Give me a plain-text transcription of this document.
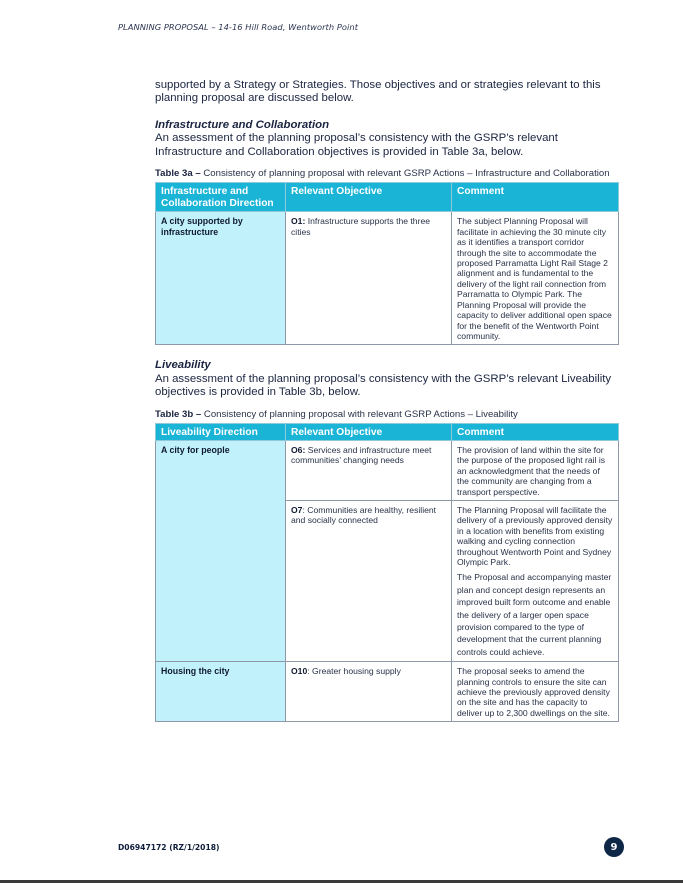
PLANNING PROPOSAL – 14-16 Hill Road, Wentworth Point

supported by a Strategy or Strategies. Those objectives and or strategies relevant to this planning proposal are discussed below.

Infrastructure and Collaboration

An assessment of the planning proposal’s consistency with the GSRP’s relevant Infrastructure and Collaboration objectives is provided in Table 3a, below.

Table 3a – Consistency of planning proposal with relevant GSRP Actions – Infrastructure and Collaboration

Infrastructure and Collaboration Direction	Relevant Objective	Comment
A city supported by infrastructure	O1: Infrastructure supports the three cities	The subject Planning Proposal will facilitate in achieving the 30 minute city as it identifies a transport corridor through the site to accommodate the proposed Parramatta Light Rail Stage 2 alignment and is fundamental to the delivery of the light rail connection from Parramatta to Olympic Park. The Planning Proposal will provide the capacity to deliver additional open space for the benefit of the Wentworth Point community.
Liveability

An assessment of the planning proposal’s consistency with the GSRP’s relevant Liveability objectives is provided in Table 3b, below.

Table 3b – Consistency of planning proposal with relevant GSRP Actions – Liveability

Liveability Direction	Relevant Objective	Comment
A city for people	O6: Services and infrastructure meet communities’ changing needs	The provision of land within the site for the purpose of the proposed light rail is an acknowledgment that the needs of the community are changing from a transport perspective.
	O7: Communities are healthy, resilient and socially connected	The Planning Proposal will facilitate the delivery of a previously approved density in a location with benefits from existing walking and cycling connection throughout Wentworth Point and Sydney Olympic Park.
The Proposal and accompanying master plan and concept design represents an improved built form outcome and enable the delivery of a larger open space provision compared to the type of development that the current planning controls could achieve.

Housing the city	O10: Greater housing supply	The proposal seeks to amend the planning controls to ensure the site can achieve the previously approved density on the site and has the capacity to deliver up to 2,300 dwellings on the site.
D06947172 (RZ/1/2018)	9
